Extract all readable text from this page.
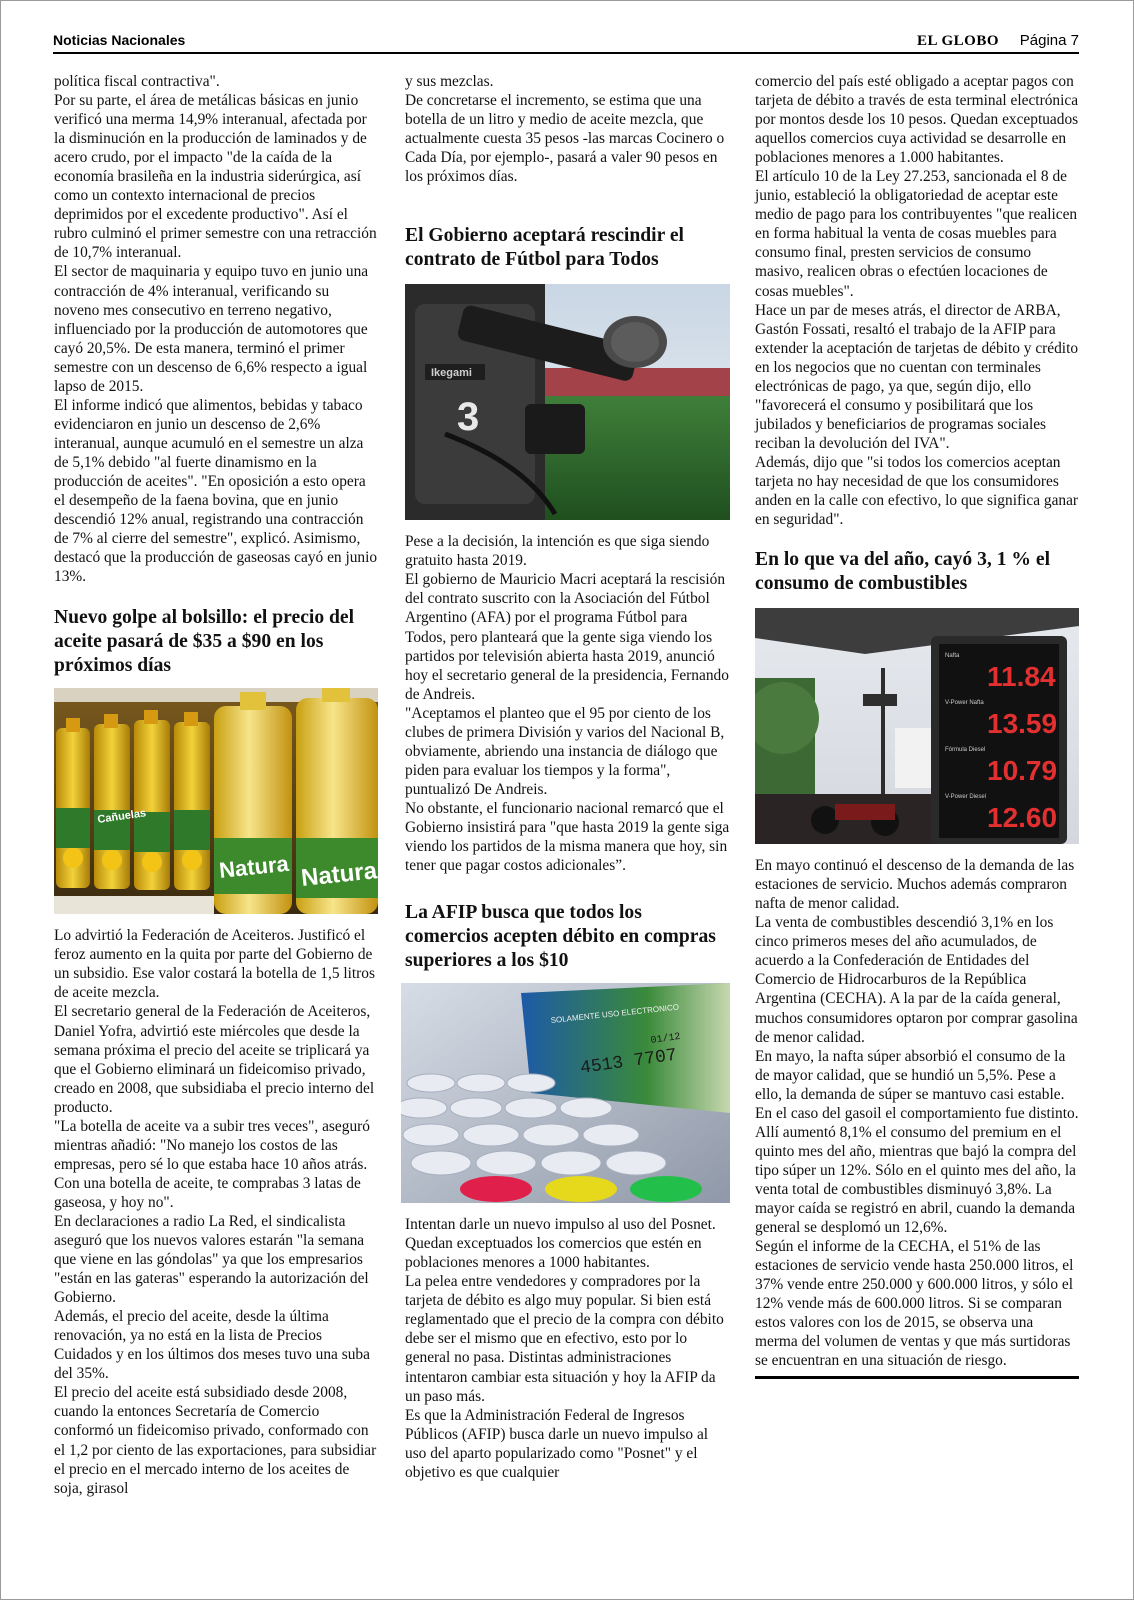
Noticias Nacionales	EL GLOBO Página 7

política fiscal contractiva".

Por su parte, el área de metálicas básicas en junio verificó una merma 14,9% interanual, afectada por la disminución en la producción de laminados y de acero crudo, por el impacto "de la caída de la economía brasileña en la industria siderúrgica, así como un contexto internacional de precios deprimidos por el excedente productivo". Así el rubro culminó el primer semestre con una retracción de 10,7% interanual.

El sector de maquinaria y equipo tuvo en junio una contracción de 4% interanual, verificando su noveno mes consecutivo en terreno negativo, influenciado por la producción de automotores que cayó 20,5%. De esta manera, terminó el primer semestre con un descenso de 6,6% respecto a igual lapso de 2015.

El informe indicó que alimentos, bebidas y tabaco evidenciaron en junio un descenso de 2,6% interanual, aunque acumuló en el semestre un alza de 5,1% debido "al fuerte dinamismo en la producción de aceites". "En oposición a esto opera el desempeño de la faena bovina, que en junio descendió 12% anual, registrando una contracción de 7% al cierre del semestre", explicó. Asimismo, destacó que la producción de gaseosas cayó en junio 13%.

Nuevo golpe al bolsillo: el precio del aceite pasará de $35 a $90 en los próximos días
Cañuelas
Natura Natura

Lo advirtió la Federación de Aceiteros. Justificó el feroz aumento en la quita por parte del Gobierno de un subsidio. Ese valor costará la botella de 1,5 litros de aceite mezcla.

El secretario general de la Federación de Aceiteros, Daniel Yofra, advirtió este miércoles que desde la semana próxima el precio del aceite se triplicará ya que el Gobierno eliminará un fideicomiso privado, creado en 2008, que subsidiaba el precio interno del producto.

"La botella de aceite va a subir tres veces", aseguró mientras añadió: "No manejo los costos de las empresas, pero sé lo que estaba hace 10 años atrás. Con una botella de aceite, te comprabas 3 latas de gaseosa, y hoy no".

En declaraciones a radio La Red, el sindicalista aseguró que los nuevos valores estarán "la semana que viene en las góndolas" ya que los empresarios "están en las gateras" esperando la autorización del Gobierno.

Además, el precio del aceite, desde la última renovación, ya no está en la lista de Precios Cuidados y en los últimos dos meses tuvo una suba del 35%.

El precio del aceite está subsidiado desde 2008, cuando la entonces Secretaría de Comercio conformó un fideicomiso privado, conformado con el 1,2 por ciento de las exportaciones, para subsidiar el precio en el mercado interno de los aceites de soja, girasol

y sus mezclas.

De concretarse el incremento, se estima que una botella de un litro y medio de aceite mezcla, que actualmente cuesta 35 pesos -las marcas Cocinero o Cada Día, por ejemplo-, pasará a valer 90 pesos en los próximos días.

El Gobierno aceptará rescindir el contrato de Fútbol para Todos
Ikegami
3

Pese a la decisión, la intención es que siga siendo gratuito hasta 2019.

El gobierno de Mauricio Macri aceptará la rescisión del contrato suscrito con la Asociación del Fútbol Argentino (AFA) por el programa Fútbol para Todos, pero planteará que la gente siga viendo los partidos por televisión abierta hasta 2019, anunció hoy el secretario general de la presidencia, Fernando de Andreis.

"Aceptamos el planteo que el 95 por ciento de los clubes de primera División y varios del Nacional B, obviamente, abriendo una instancia de diálogo que piden para evaluar los tiempos y la forma", puntualizó De Andreis.

No obstante, el funcionario nacional remarcó que el Gobierno insistirá para "que hasta 2019 la gente siga viendo los partidos de la misma manera que hoy, sin tener que pagar costos adicionales”.

La AFIP busca que todos los comercios acepten débito en compras superiores a los $10
SOLAMENTE USO ELECTRONICO
4513 7707
01/12

Intentan darle un nuevo impulso al uso del Posnet. Quedan exceptuados los comercios que estén en poblaciones menores a 1000 habitantes.

La pelea entre vendedores y compradores por la tarjeta de débito es algo muy popular. Si bien está reglamentado que el precio de la compra con débito debe ser el mismo que en efectivo, esto por lo general no pasa. Distintas administraciones intentaron cambiar esta situación y hoy la AFIP da un paso más.

Es que la Administración Federal de Ingresos Públicos (AFIP) busca darle un nuevo impulso al uso del aparto popularizado como "Posnet" y el objetivo es que cualquier

comercio del país esté obligado a aceptar pagos con tarjeta de débito a través de esta terminal electrónica por montos desde los 10 pesos. Quedan exceptuados aquellos comercios cuya actividad se desarrolle en poblaciones menores a 1.000 habitantes.

El artículo 10 de la Ley 27.253, sancionada el 8 de junio, estableció la obligatoriedad de aceptar este medio de pago para los contribuyentes "que realicen en forma habitual la venta de cosas muebles para consumo final, presten servicios de consumo masivo, realicen obras o efectúen locaciones de cosas muebles".

Hace un par de meses atrás, el director de ARBA, Gastón Fossati, resaltó el trabajo de la AFIP para extender la aceptación de tarjetas de débito y crédito en los negocios que no cuentan con terminales electrónicas de pago, ya que, según dijo, ello "favorecerá el consumo y posibilitará que los jubilados y beneficiarios de programas sociales reciban la devolución del IVA".

Además, dijo que "si todos los comercios aceptan tarjeta no hay necesidad de que los consumidores anden en la calle con efectivo, lo que significa ganar en seguridad".

En lo que va del año, cayó 3, 1 % el consumo de combustibles
Nafta
11.84
V-Power Nafta
13.59
Fórmula Diesel
10.79
V-Power Diesel
12.60

En mayo continuó el descenso de la demanda de las estaciones de servicio. Muchos además compraron nafta de menor calidad.

La venta de combustibles descendió 3,1% en los cinco primeros meses del año acumulados, de acuerdo a la Confederación de Entidades del Comercio de Hidrocarburos de la República Argentina (CECHA). A la par de la caída general, muchos consumidores optaron por comprar gasolina de menor calidad.

En mayo, la nafta súper absorbió el consumo de la de mayor calidad, que se hundió un 5,5%. Pese a ello, la demanda de súper se mantuvo casi estable.

En el caso del gasoil el comportamiento fue distinto. Allí aumentó 8,1% el consumo del premium en el quinto mes del año, mientras que bajó la compra del tipo súper un 12%. Sólo en el quinto mes del año, la venta total de combustibles disminuyó 3,8%. La mayor caída se registró en abril, cuando la demanda general se desplomó un 12,6%.

Según el informe de la CECHA, el 51% de las estaciones de servicio vende hasta 250.000 litros, el 37% vende entre 250.000 y 600.000 litros, y sólo el 12% vende más de 600.000 litros. Si se comparan estos valores con los de 2015, se observa una merma del volumen de ventas y que más surtidoras se encuentran en una situación de riesgo.
